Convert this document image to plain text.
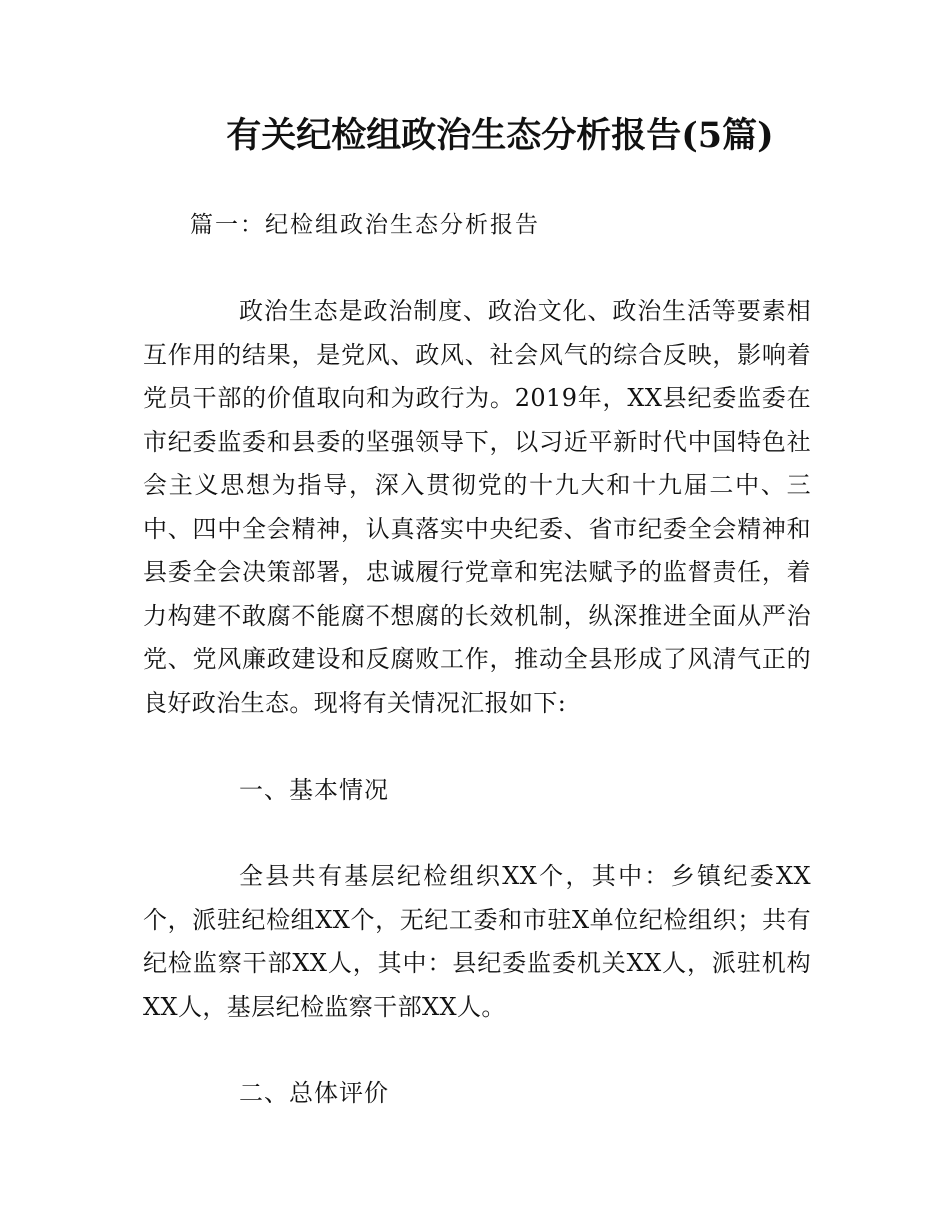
有关纪检组政治生态分析报告(5篇)

篇一：纪检组政治生态分析报告

政治生态是政治制度、政治文化、政治生活等要素相互作用的结果，是党风、政风、社会风气的综合反映，影响着党员干部的价值取向和为政行为。2019年，XX县纪委监委在市纪委监委和县委的坚强领导下，以习近平新时代中国特色社会主义思想为指导，深入贯彻党的十九大和十九届二中、三中、四中全会精神，认真落实中央纪委、省市纪委全会精神和县委全会决策部署，忠诚履行党章和宪法赋予的监督责任，着力构建不敢腐不能腐不想腐的长效机制，纵深推进全面从严治党、党风廉政建设和反腐败工作，推动全县形成了风清气正的良好政治生态。现将有关情况汇报如下:

一、基本情况

全县共有基层纪检组织XX个，其中：乡镇纪委XX个，派驻纪检组XX个，无纪工委和市驻X单位纪检组织；共有纪检监察干部XX人，其中：县纪委监委机关XX人，派驻机构XX人，基层纪检监察干部XX人。

二、总体评价
